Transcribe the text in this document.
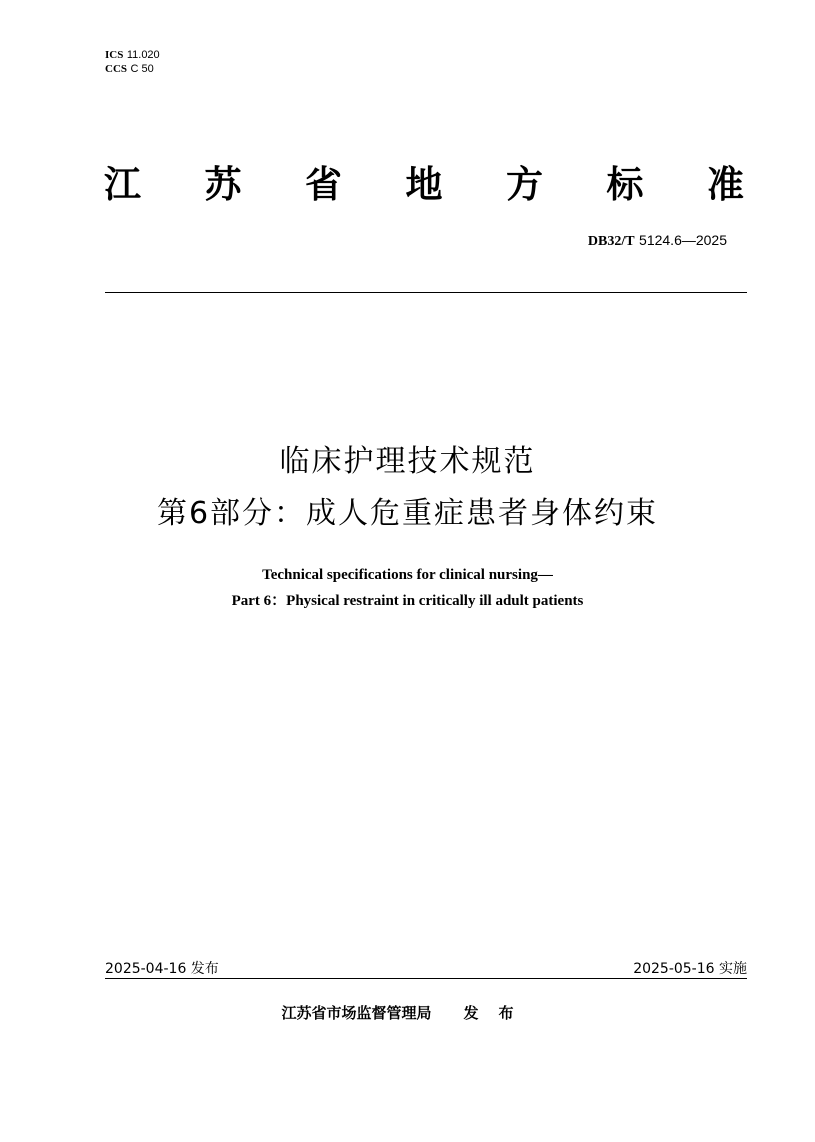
ICS 11.020
CCS C 50
江 苏 省 地 方 标 准
DB32/T 5124.6—2025
临床护理技术规范
第6部分：成人危重症患者身体约束
Technical specifications for clinical nursing—
Part 6：Physical restraint in critically ill adult patients
2025-04-16 发布	2025-05-16 实施
江苏省市场监督管理局 发布
